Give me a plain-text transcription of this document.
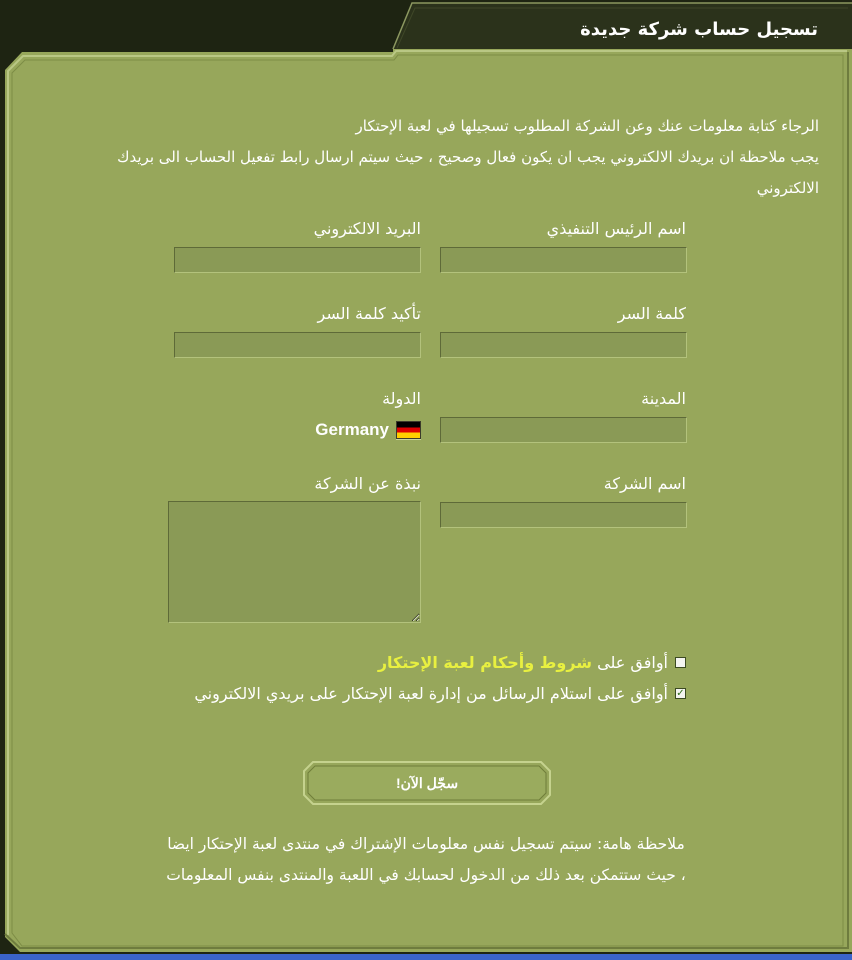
تسجيل حساب شركة جديدة
الرجاء كتابة معلومات عنك وعن الشركة المطلوب تسجيلها في لعبة الإحتكار
يجب ملاحظة ان بريدك الالكتروني يجب ان يكون فعال وصحيح ، حيث سيتم ارسال رابط تفعيل الحساب الى بريدك الالكتروني
اسم الرئيس التنفيذي
البريد الالكتروني
كلمة السر
تأكيد كلمة السر
المدينة
الدولة
Germany
اسم الشركة
نبذة عن الشركة
أوافق على شروط وأحكام لعبة الإحتكار
✓أوافق على استلام الرسائل من إدارة لعبة الإحتكار على بريدي الالكتروني
سجّل الآن!
ملاحظة هامة: سيتم تسجيل نفس معلومات الإشتراك في منتدى لعبة الإحتكار ايضا ، حيث ستتمكن بعد ذلك من الدخول لحسابك في اللعبة والمنتدى بنفس المعلومات
